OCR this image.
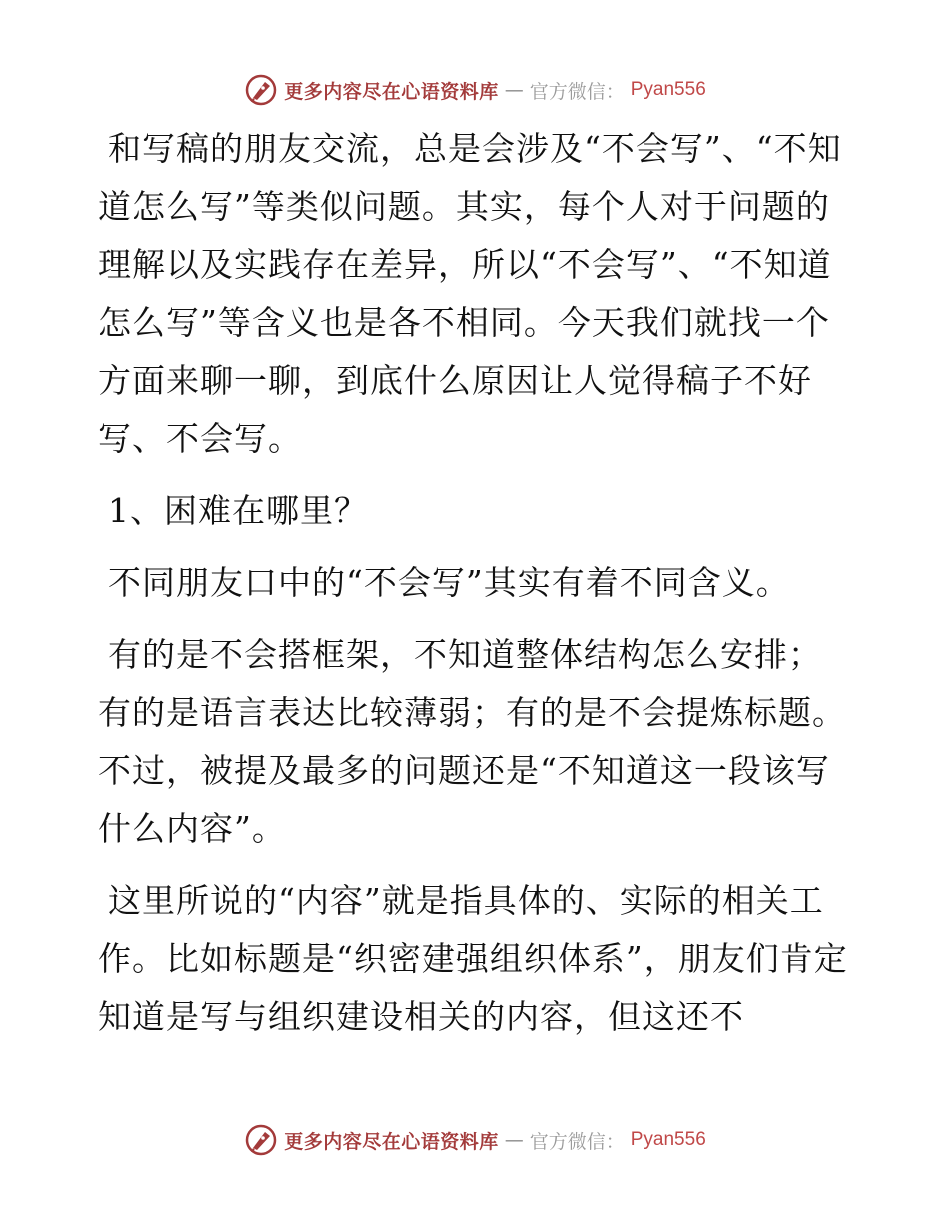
更多内容尽在心语资料库 — 官方微信： Pyan556

和写稿的朋友交流，总是会涉及“不会写”、“不知道怎么写”等类似问题。其实，每个人对于问题的理解以及实践存在差异，所以“不会写”、“不知道怎么写”等含义也是各不相同。今天我们就找一个方面来聊一聊，到底什么原因让人觉得稿子不好写、不会写。

1、困难在哪里？

不同朋友口中的“不会写”其实有着不同含义。

有的是不会搭框架，不知道整体结构怎么安排；有的是语言表达比较薄弱；有的是不会提炼标题。不过，被提及最多的问题还是“不知道这一段该写什么内容”。

这里所说的“内容”就是指具体的、实际的相关工作。比如标题是“织密建强组织体系”，朋友们肯定知道是写与组织建设相关的内容，但这还不

更多内容尽在心语资料库 — 官方微信： Pyan556
